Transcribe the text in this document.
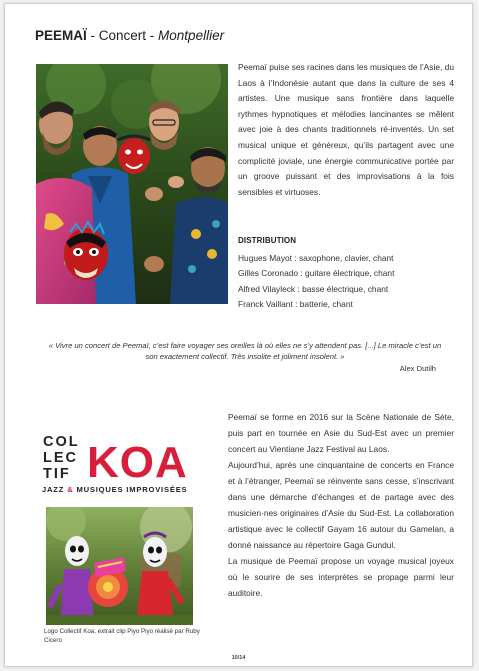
PEEMAÏ - Concert - Montpellier
Peemaï puise ses racines dans les musiques de l’Asie, du Laos à l’Indonésie autant que dans la culture de ses 4 artistes. Une musique sans frontière dans laquelle rythmes hypnotiques et mélodies lancinantes se mêlent avec joie à des chants traditionnels ré-inventés. Un set musical unique et généreux, qu’ils partagent avec une complicité joviale, une énergie communicative portée par un groove puissant et des improvisations à la fois sensibles et virtuoses.
DISTRIBUTION
Hugues Mayot : saxophone, clavier, chant
Gilles Coronado : guitare électrique, chant
Alfred Vilayleck : basse électrique, chant
Franck Vaillant : batterie, chant
« Vivre un concert de Peemaï, c’est faire voyager ses oreilles là où elles ne s’y attendent pas. [...] Le miracle c’est un son exactement collectif. Très insolite et joliment insolent. »
Alex Dutilh
COL
LEC
TIF KOA
JAZZ & MUSIQUES IMPROVISÉES
Logo Collectif Koa, extrait clip Piyo Piyo réalisé par Ruby Cicero

Peemaï se forme en 2016 sur la Scène Nationale de Sète, puis part en tournée en Asie du Sud-Est avec un premier concert au Vientiane Jazz Festival au Laos.

Aujourd’hui, après une cinquantaine de concerts en France et à l’étranger, Peemaï se réinvente sans cesse, s’inscrivant dans une démarche d’échanges et de partage avec des musicien·nes originaires d’Asie du Sud-Est. La collaboration artistique avec le collectif Gayam 16 autour du Gamelan, a donné naissance au répertoire Gaga Gundul.

La musique de Peemaï propose un voyage musical joyeux où le sourire de ses interprètes se propage parmi leur auditoire.

10/14
